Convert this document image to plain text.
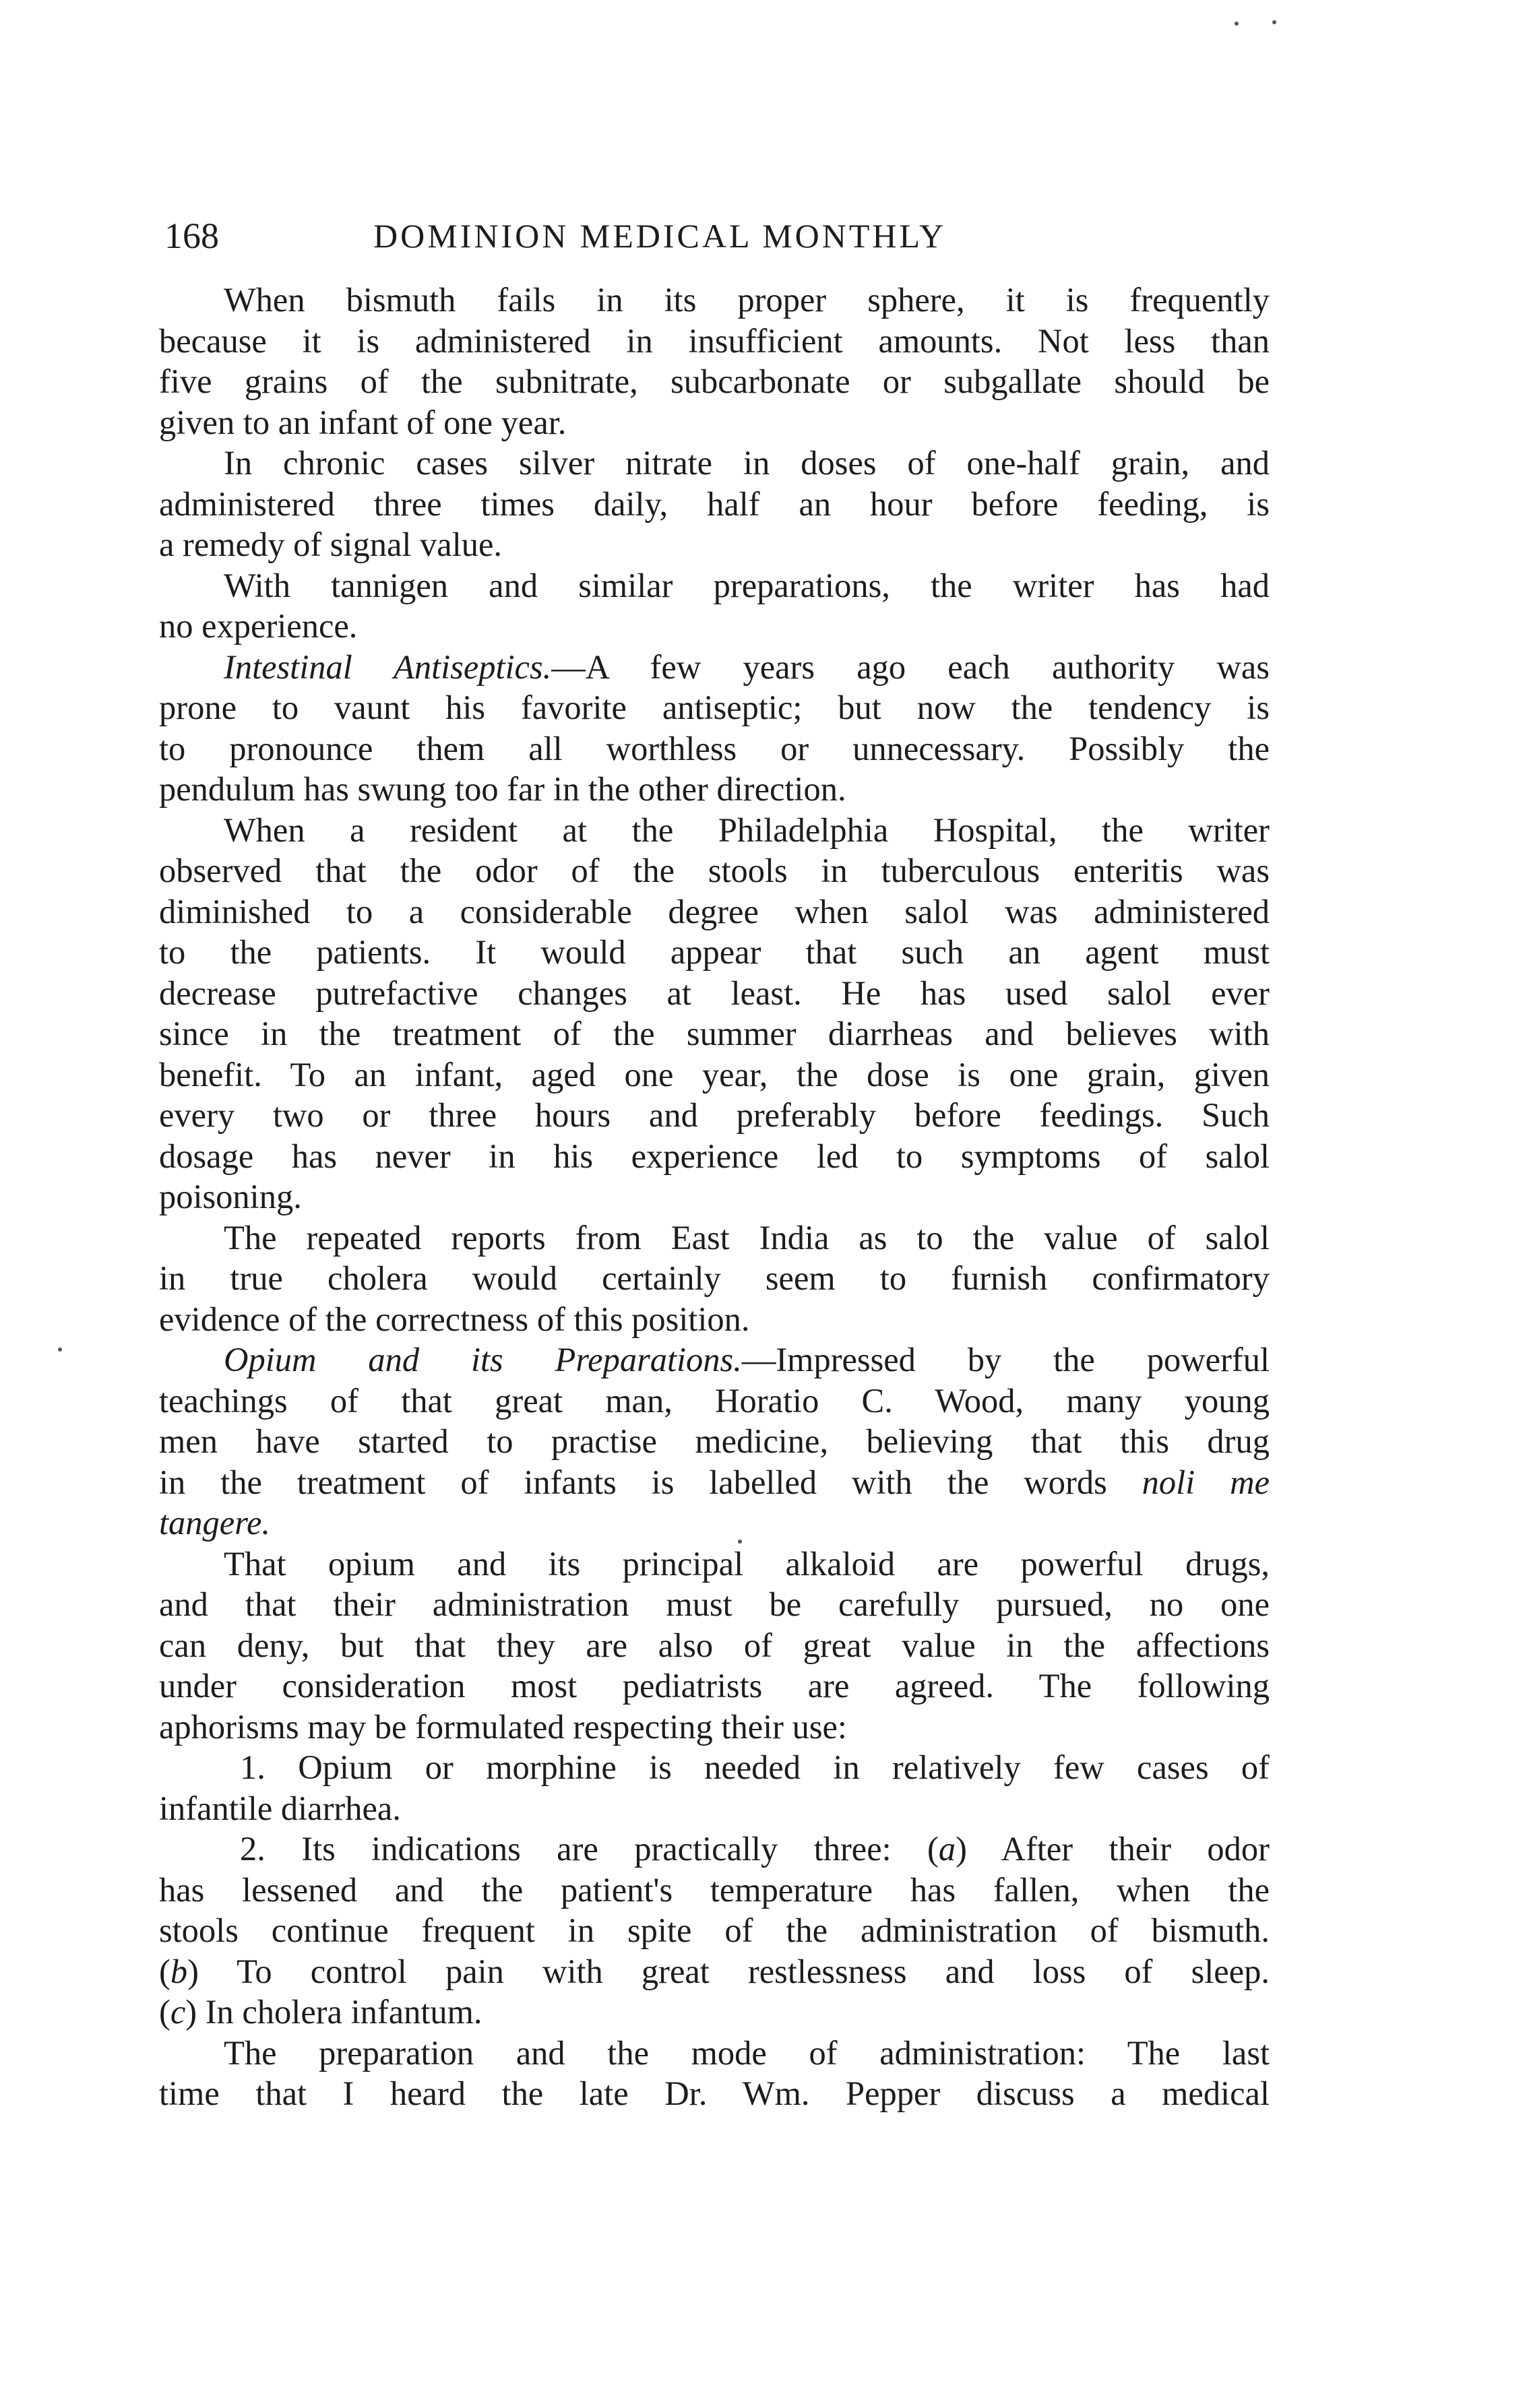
168	DOMINION MEDICAL MONTHLY
When bismuth fails in its proper sphere, it is frequently
because it is administered in insufficient amounts. Not less than
five grains of the subnitrate, subcarbonate or subgallate should be
given to an infant of one year.
In chronic cases silver nitrate in doses of one-half grain, and
administered three times daily, half an hour before feeding, is
a remedy of signal value.
With tannigen and similar preparations, the writer has had
no experience.
Intestinal Antiseptics.—A few years ago each authority was
prone to vaunt his favorite antiseptic; but now the tendency is
to pronounce them all worthless or unnecessary. Possibly the
pendulum has swung too far in the other direction.
When a resident at the Philadelphia Hospital, the writer
observed that the odor of the stools in tuberculous enteritis was
diminished to a considerable degree when salol was administered
to the patients. It would appear that such an agent must
decrease putrefactive changes at least. He has used salol ever
since in the treatment of the summer diarrheas and believes with
benefit. To an infant, aged one year, the dose is one grain, given
every two or three hours and preferably before feedings. Such
dosage has never in his experience led to symptoms of salol
poisoning.
The repeated reports from East India as to the value of salol
in true cholera would certainly seem to furnish confirmatory
evidence of the correctness of this position.
Opium and its Preparations.—Impressed by the powerful
teachings of that great man, Horatio C. Wood, many young
men have started to practise medicine, believing that this drug
in the treatment of infants is labelled with the words noli me
tangere.
That opium and its principal alkaloid are powerful drugs,
and that their administration must be carefully pursued, no one
can deny, but that they are also of great value in the affections
under consideration most pediatrists are agreed. The following
aphorisms may be formulated respecting their use:
1. Opium or morphine is needed in relatively few cases of
infantile diarrhea.
2. Its indications are practically three: (a) After their odor
has lessened and the patient's temperature has fallen, when the
stools continue frequent in spite of the administration of bismuth.
(b) To control pain with great restlessness and loss of sleep.
(c) In cholera infantum.
The preparation and the mode of administration: The last
time that I heard the late Dr. Wm. Pepper discuss a medical
